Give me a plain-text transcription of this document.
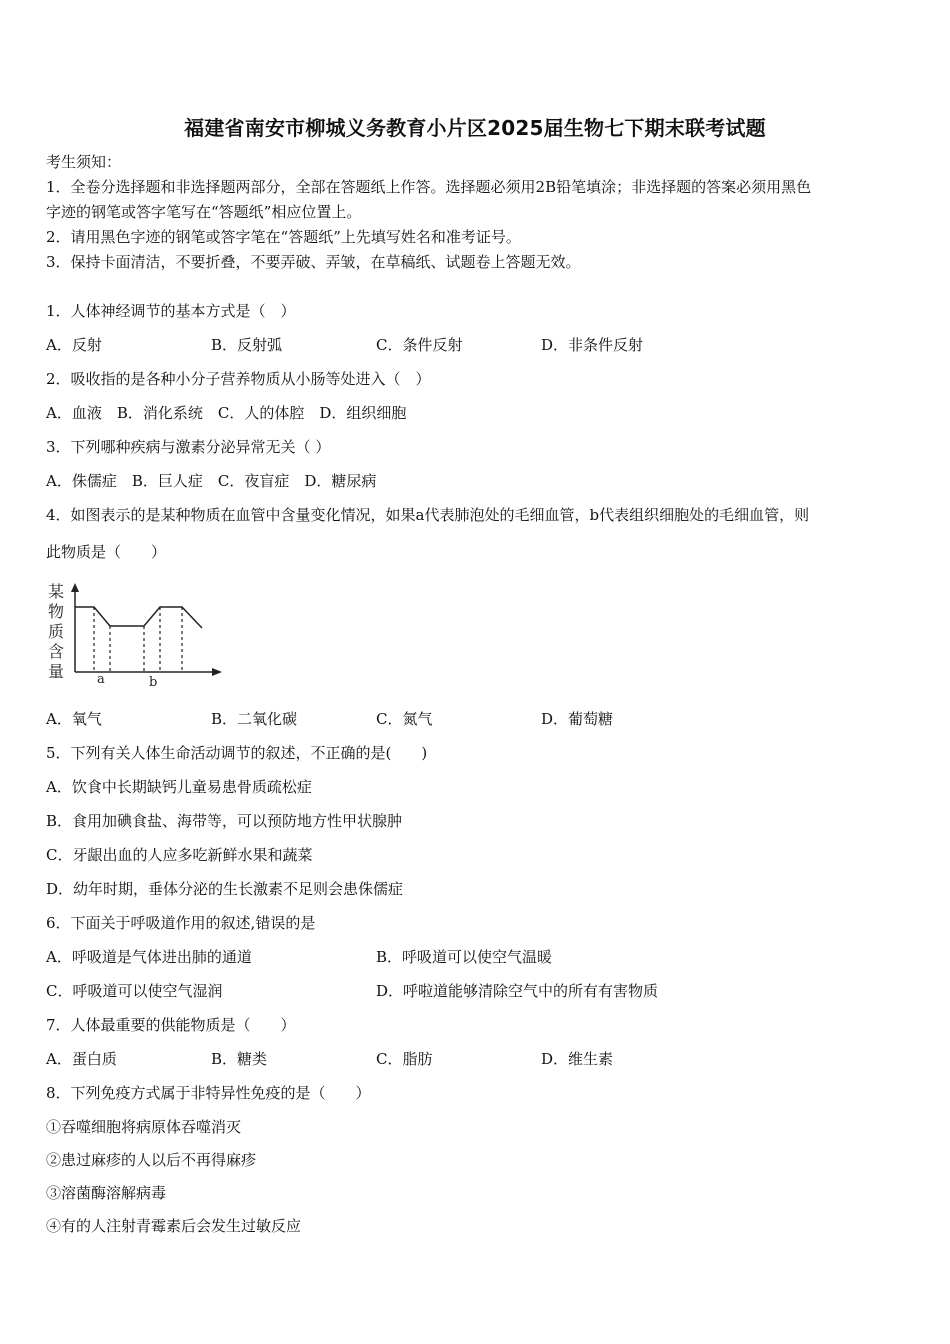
福建省南安市柳城义务教育小片区2025届生物七下期末联考试题
考生须知：
1．全卷分选择题和非选择题两部分，全部在答题纸上作答。选择题必须用2B铅笔填涂；非选择题的答案必须用黑色
字迹的钢笔或答字笔写在“答题纸”相应位置上。
2．请用黑色字迹的钢笔或答字笔在“答题纸”上先填写姓名和准考证号。
3．保持卡面清洁，不要折叠，不要弄破、弄皱，在草稿纸、试题卷上答题无效。
1．人体神经调节的基本方式是（　）
A．反射	B．反射弧	C．条件反射	D．非条件反射
2．吸收指的是各种小分子营养物质从小肠等处进入（　）
A．血液　B．消化系统　C．人的体腔　D．组织细胞
3．下列哪种疾病与激素分泌异常无关（ ）
A．侏儒症　B．巨人症　C．夜盲症　D．糖尿病
4．如图表示的是某种物质在血管中含量变化情况，如果a代表肺泡处的毛细血管，b代表组织细胞处的毛细血管，则
此物质是（　　）
某
物
质
含
量	a	b
A．氧气	B．二氧化碳	C．氮气	D．葡萄糖
5．下列有关人体生命活动调节的叙述，不正确的是(　　)
A．饮食中长期缺钙儿童易患骨质疏松症
B．食用加碘食盐、海带等，可以预防地方性甲状腺肿
C．牙龈出血的人应多吃新鲜水果和蔬菜
D．幼年时期，垂体分泌的生长激素不足则会患侏儒症
6．下面关于呼吸道作用的叙述,错误的是
A．呼吸道是气体进出肺的通道	B．呼吸道可以使空气温暖
C．呼吸道可以使空气湿润	D．呼啦道能够清除空气中的所有有害物质
7．人体最重要的供能物质是（　　）
A．蛋白质	B．糖类	C．脂肪	D．维生素
8．下列免疫方式属于非特异性免疫的是（　　）
①吞噬细胞将病原体吞噬消灭
②患过麻疹的人以后不再得麻疹
③溶菌酶溶解病毒
④有的人注射青霉素后会发生过敏反应
